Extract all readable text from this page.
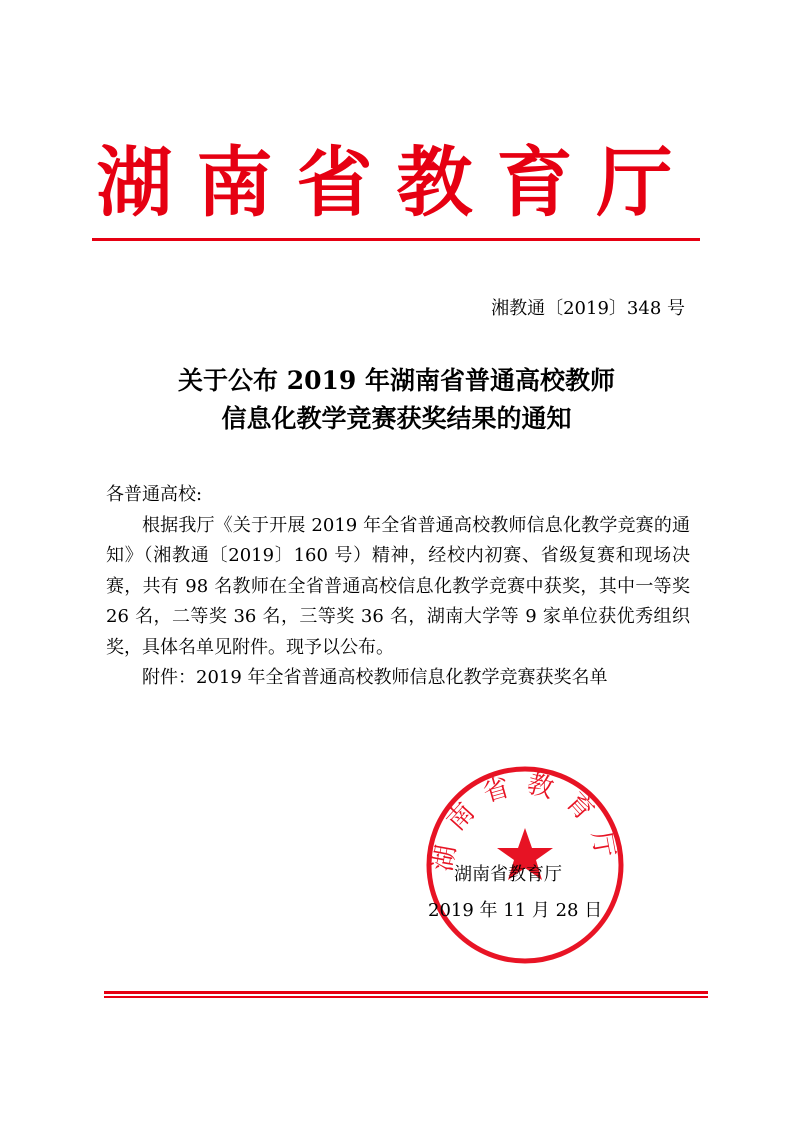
湖南省教育厅
湘教通〔2019〕348 号
关于公布 2019 年湖南省普通高校教师
信息化教学竞赛获奖结果的通知

各普通高校:

根据我厅《关于开展 2019 年全省普通高校教师信息化教学竞赛的通知》（湘教通〔2019〕160 号）精神，经校内初赛、省级复赛和现场决赛，共有 98 名教师在全省普通高校信息化教学竞赛中获奖，其中一等奖 26 名，二等奖 36 名，三等奖 36 名，湖南大学等 9 家单位获优秀组织奖，具体名单见附件。现予以公布。

附件：2019 年全省普通高校教师信息化教学竞赛获奖名单

湖南省教育厅
湖南省教育厅
2019 年 11 月 28 日
